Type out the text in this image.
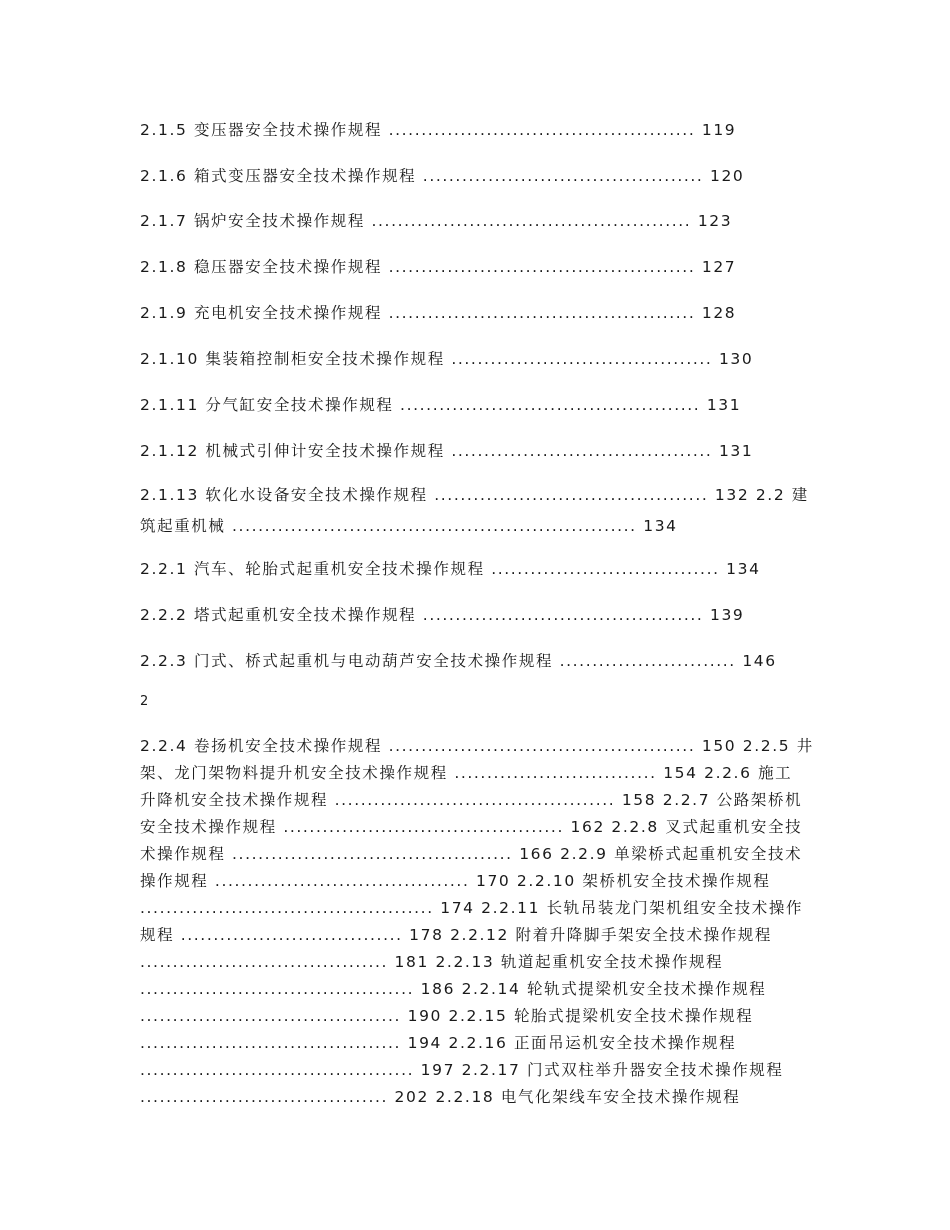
2.1.5 变压器安全技术操作规程 ............................................... 119

2.1.6 箱式变压器安全技术操作规程 ........................................... 120

2.1.7 锅炉安全技术操作规程 ................................................. 123

2.1.8 稳压器安全技术操作规程 ............................................... 127

2.1.9 充电机安全技术操作规程 ............................................... 128

2.1.10 集装箱控制柜安全技术操作规程 ........................................ 130

2.1.11 分气缸安全技术操作规程 .............................................. 131

2.1.12 机械式引伸计安全技术操作规程 ........................................ 131

2.1.13 软化水设备安全技术操作规程 .......................................... 132 2.2 建
筑起重机械 .............................................................. 134

2.2.1 汽车、轮胎式起重机安全技术操作规程 ................................... 134

2.2.2 塔式起重机安全技术操作规程 ........................................... 139

2.2.3 门式、桥式起重机与电动葫芦安全技术操作规程 ........................... 146

2

2.2.4 卷扬机安全技术操作规程 ............................................... 150 2.2.5 井
架、龙门架物料提升机安全技术操作规程 ............................... 154 2.2.6 施工
升降机安全技术操作规程 ........................................... 158 2.2.7 公路架桥机
安全技术操作规程 ........................................... 162 2.2.8 叉式起重机安全技
术操作规程 ........................................... 166 2.2.9 单梁桥式起重机安全技术
操作规程 ....................................... 170 2.2.10 架桥机安全技术操作规程
............................................. 174 2.2.11 长轨吊装龙门架机组安全技术操作
规程 .................................. 178 2.2.12 附着升降脚手架安全技术操作规程
...................................... 181 2.2.13 轨道起重机安全技术操作规程
.......................................... 186 2.2.14 轮轨式提梁机安全技术操作规程
........................................ 190 2.2.15 轮胎式提梁机安全技术操作规程
........................................ 194 2.2.16 正面吊运机安全技术操作规程
.......................................... 197 2.2.17 门式双柱举升器安全技术操作规程
...................................... 202 2.2.18 电气化架线车安全技术操作规程
